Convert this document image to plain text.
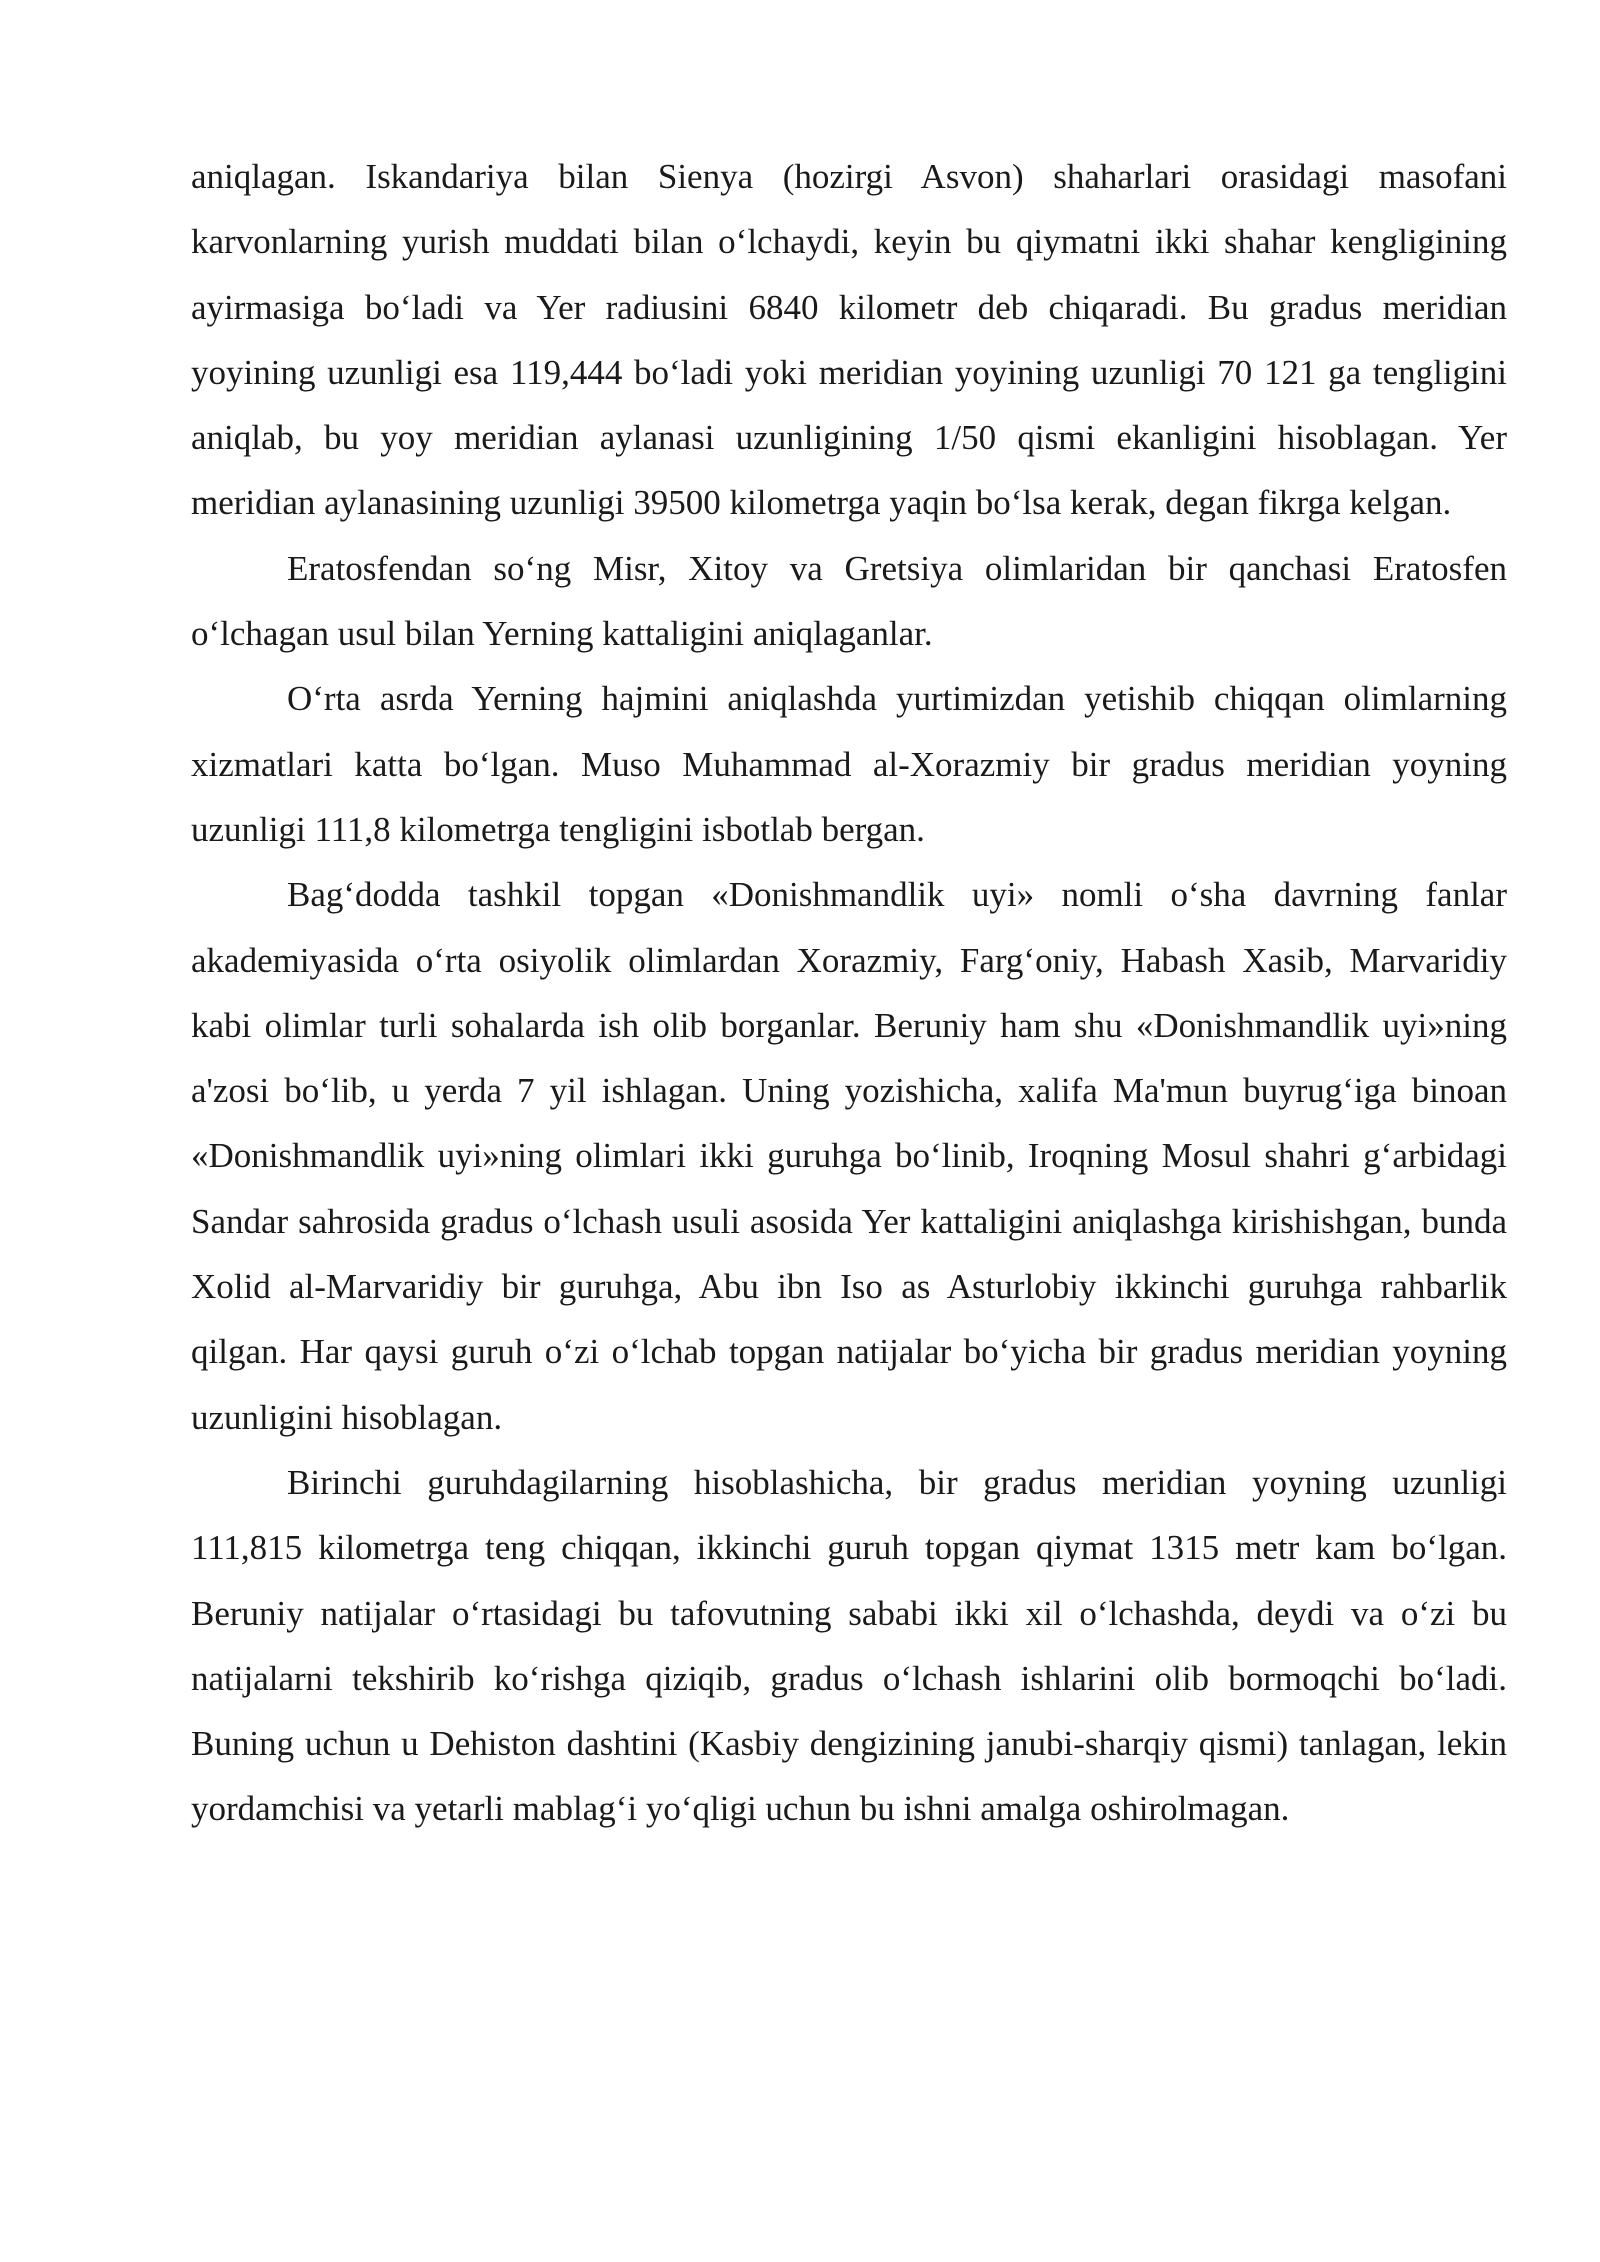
aniqlagan. Iskandariya bilan Sienya (hozirgi Asvon) shaharlari orasidagi masofani karvonlarning yurish muddati bilan o‘lchaydi, keyin bu qiymatni ikki shahar kengligining ayirmasiga bo‘ladi va Yer radiusini 6840 kilometr deb chiqaradi. Bu gradus meridian yoyining uzunligi esa 119,444 bo‘ladi yoki meridian yoyining uzunligi 70 121 ga tengligini aniqlab, bu yoy meridian aylanasi uzunligining 1/50 qismi ekanligini hisoblagan. Yer meridian aylanasining uzunligi 39500 kilometrga yaqin bo‘lsa kerak, degan fikrga kelgan.

Eratosfendan so‘ng Misr, Xitoy va Gretsiya olimlaridan bir qanchasi Eratosfen o‘lchagan usul bilan Yerning kattaligini aniqlaganlar.

O‘rta asrda Yerning hajmini aniqlashda yurtimizdan yetishib chiqqan olimlarning xizmatlari katta bo‘lgan. Muso Muhammad al-Xorazmiy bir gradus meridian yoyning uzunligi 111,8 kilometrga tengligini isbotlab bergan.

Bag‘dodda tashkil topgan «Donishmandlik uyi» nomli o‘sha davrning fanlar akademiyasida o‘rta osiyolik olimlardan Xorazmiy, Farg‘oniy, Habash Xasib, Marvaridiy kabi olimlar turli sohalarda ish olib borganlar. Beruniy ham shu «Donishmandlik uyi»ning a'zosi bo‘lib, u yerda 7 yil ishlagan. Uning yozishicha, xalifa Ma'mun buyrug‘iga binoan «Donishmandlik uyi»ning olimlari ikki guruhga bo‘linib, Iroqning Mosul shahri g‘arbidagi Sandar sahrosida gradus o‘lchash usuli asosida Yer kattaligini aniqlashga kirishishgan, bunda Xolid al-Marvaridiy bir guruhga, Abu ibn Iso as Asturlobiy ikkinchi guruhga rahbarlik qilgan. Har qaysi guruh o‘zi o‘lchab topgan natijalar bo‘yicha bir gradus meridian yoyning uzunligini hisoblagan.

Birinchi guruhdagilarning hisoblashicha, bir gradus meridian yoyning uzunligi 111,815 kilometrga teng chiqqan, ikkinchi guruh topgan qiymat 1315 metr kam bo‘lgan. Beruniy natijalar o‘rtasidagi bu tafovutning sababi ikki xil o‘lchashda, deydi va o‘zi bu natijalarni tekshirib ko‘rishga qiziqib, gradus o‘lchash ishlarini olib bormoqchi bo‘ladi. Buning uchun u Dehiston dashtini (Kasbiy dengizining janubi-sharqiy qismi) tanlagan, lekin yordamchisi va yetarli mablag‘i yo‘qligi uchun bu ishni amalga oshirolmagan.
